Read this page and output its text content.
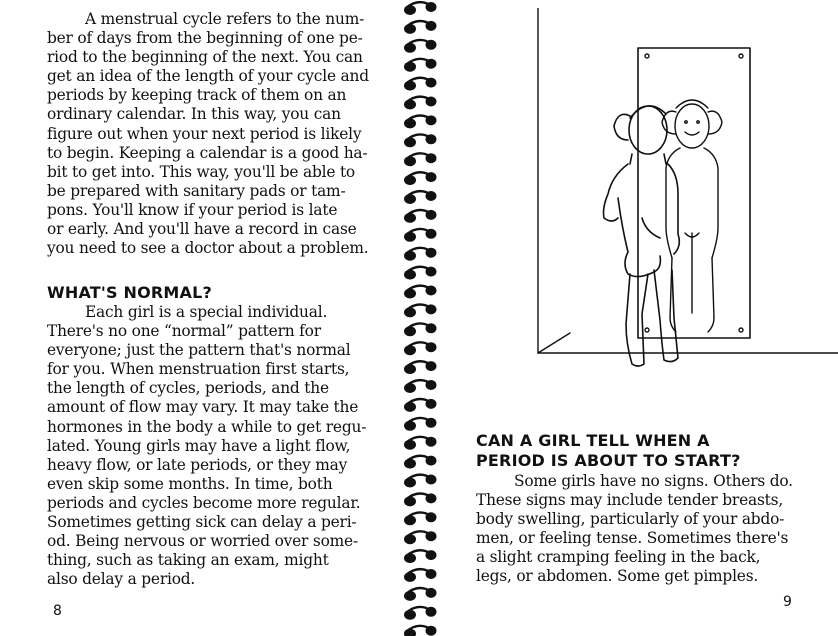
A menstrual cycle refers to the num-
ber of days from the beginning of one pe-
riod to the beginning of the next. You can
get an idea of the length of your cycle and
periods by keeping track of them on an
ordinary calendar. In this way, you can
figure out when your next period is likely
to begin. Keeping a calendar is a good ha-
bit to get into. This way, you'll be able to
be prepared with sanitary pads or tam-
pons. You'll know if your period is late
or early. And you'll have a record in case
you need to see a doctor about a problem.

WHAT'S NORMAL?

Each girl is a special individual.
There's no one “normal” pattern for
everyone; just the pattern that's normal
for you. When menstruation first starts,
the length of cycles, periods, and the
amount of flow may vary. It may take the
hormones in the body a while to get regu-
lated. Young girls may have a light flow,
heavy flow, or late periods, or they may
even skip some months. In time, both
periods and cycles become more regular.
Sometimes getting sick can delay a peri-
od. Being nervous or worried over some-
thing, such as taking an exam, might
also delay a period.

8
CAN A GIRL TELL WHEN A
PERIOD IS ABOUT TO START?

Some girls have no signs. Others do.
These signs may include tender breasts,
body swelling, particularly of your abdo-
men, or feeling tense. Sometimes there's
a slight cramping feeling in the back,
legs, or abdomen. Some get pimples.

9
